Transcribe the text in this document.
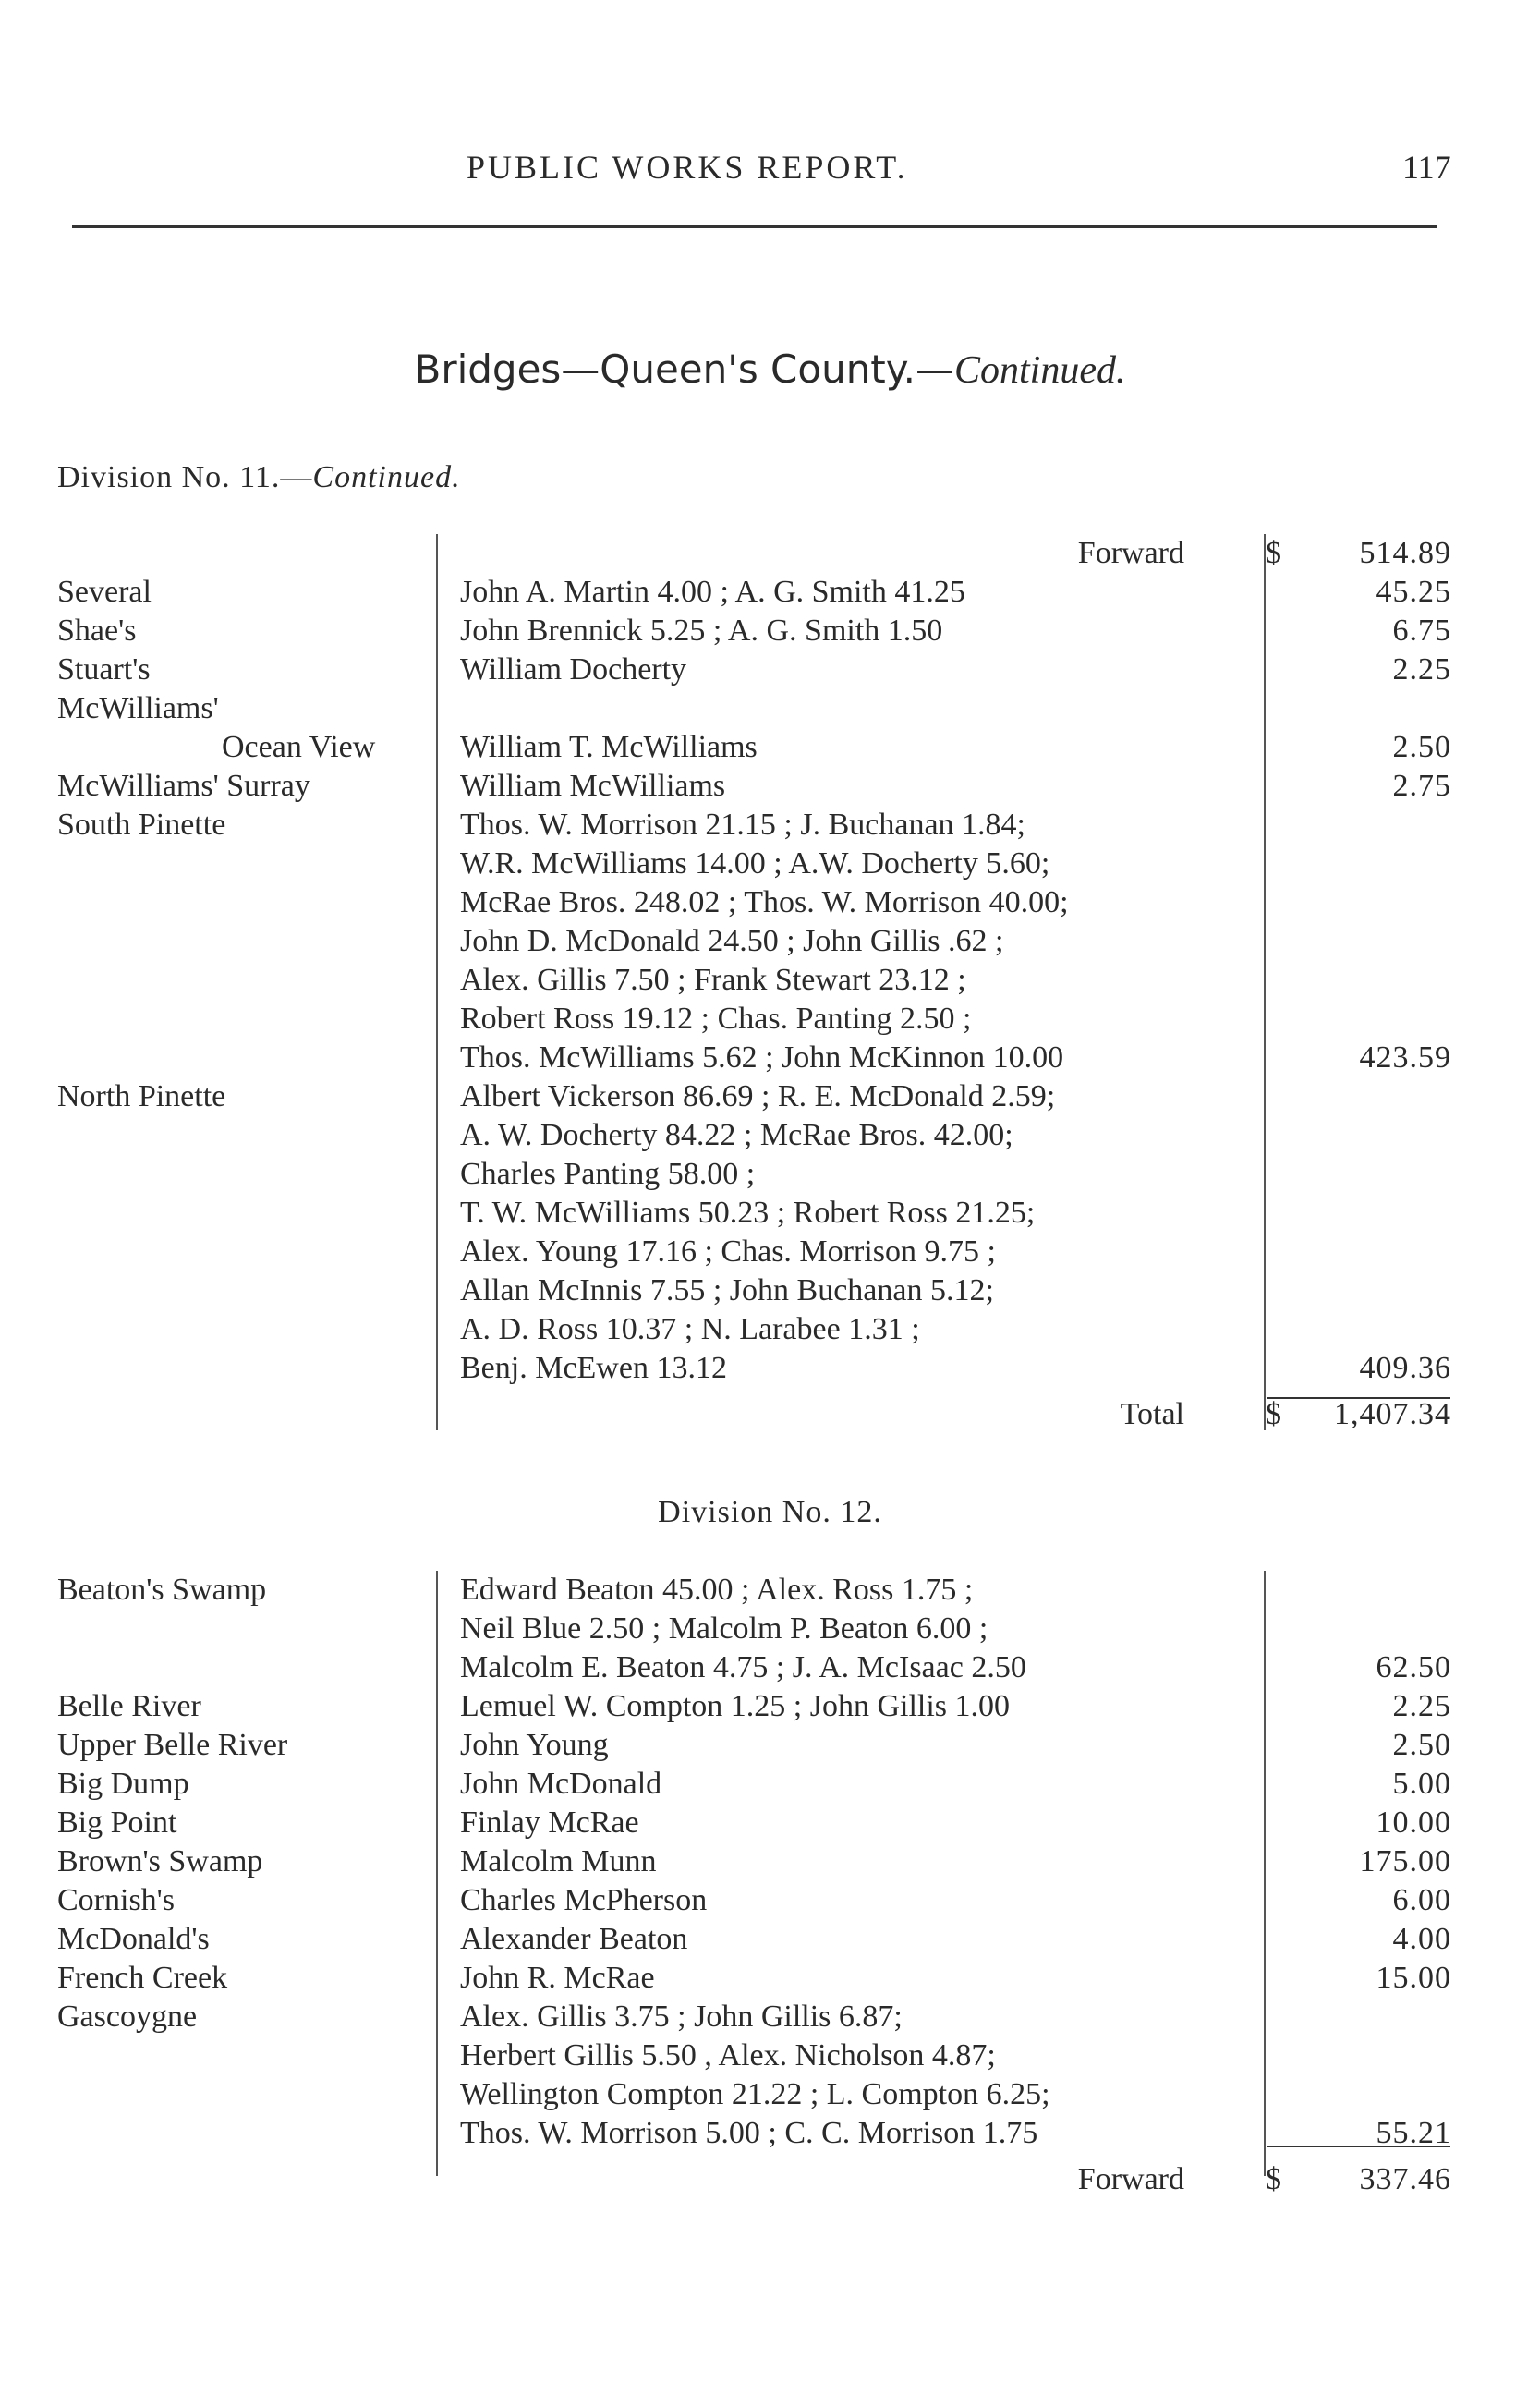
PUBLIC WORKS REPORT.	117
Bridges—Queen's County.—Continued.
Division No. 11.—Continued.
Forward	$ 514.89
Several	John A. Martin 4.00 ; A. G. Smith 41.25	45.25
Shae's	John Brennick 5.25 ; A. G. Smith 1.50	6.75
Stuart's	William Docherty	2.25
McWilliams'
Ocean View	William T. McWilliams	2.50
McWilliams' Surray	William McWilliams	2.75
South Pinette	Thos. W. Morrison 21.15 ; J. Buchanan 1.84;
W.R. McWilliams 14.00 ; A.W. Docherty 5.60;
McRae Bros. 248.02 ; Thos. W. Morrison 40.00;
John D. McDonald 24.50 ; John Gillis .62 ;
Alex. Gillis 7.50 ; Frank Stewart 23.12 ;
Robert Ross 19.12 ; Chas. Panting 2.50 ;
Thos. McWilliams 5.62 ; John McKinnon 10.00	423.59
North Pinette	Albert Vickerson 86.69 ; R. E. McDonald 2.59;
A. W. Docherty 84.22 ; McRae Bros. 42.00;
Charles Panting 58.00 ;
T. W. McWilliams 50.23 ; Robert Ross 21.25;
Alex. Young 17.16 ; Chas. Morrison 9.75 ;
Allan McInnis 7.55 ; John Buchanan 5.12;
A. D. Ross 10.37 ; N. Larabee 1.31 ;
Benj. McEwen 13.12	409.36
Total	$ 1,407.34
Division No. 12.
Beaton's Swamp	Edward Beaton 45.00 ; Alex. Ross 1.75 ;
Neil Blue 2.50 ; Malcolm P. Beaton 6.00 ;
Malcolm E. Beaton 4.75 ; J. A. McIsaac 2.50	62.50
Belle River	Lemuel W. Compton 1.25 ; John Gillis 1.00	2.25
Upper Belle River	John Young	2.50
Big Dump	John McDonald	5.00
Big Point	Finlay McRae	10.00
Brown's Swamp	Malcolm Munn	175.00
Cornish's	Charles McPherson	6.00
McDonald's	Alexander Beaton	4.00
French Creek	John R. McRae	15.00
Gascoygne	Alex. Gillis 3.75 ; John Gillis 6.87;
Herbert Gillis 5.50 , Alex. Nicholson 4.87;
Wellington Compton 21.22 ; L. Compton 6.25;
Thos. W. Morrison 5.00 ; C. C. Morrison 1.75	55.21
Forward	$ 337.46
